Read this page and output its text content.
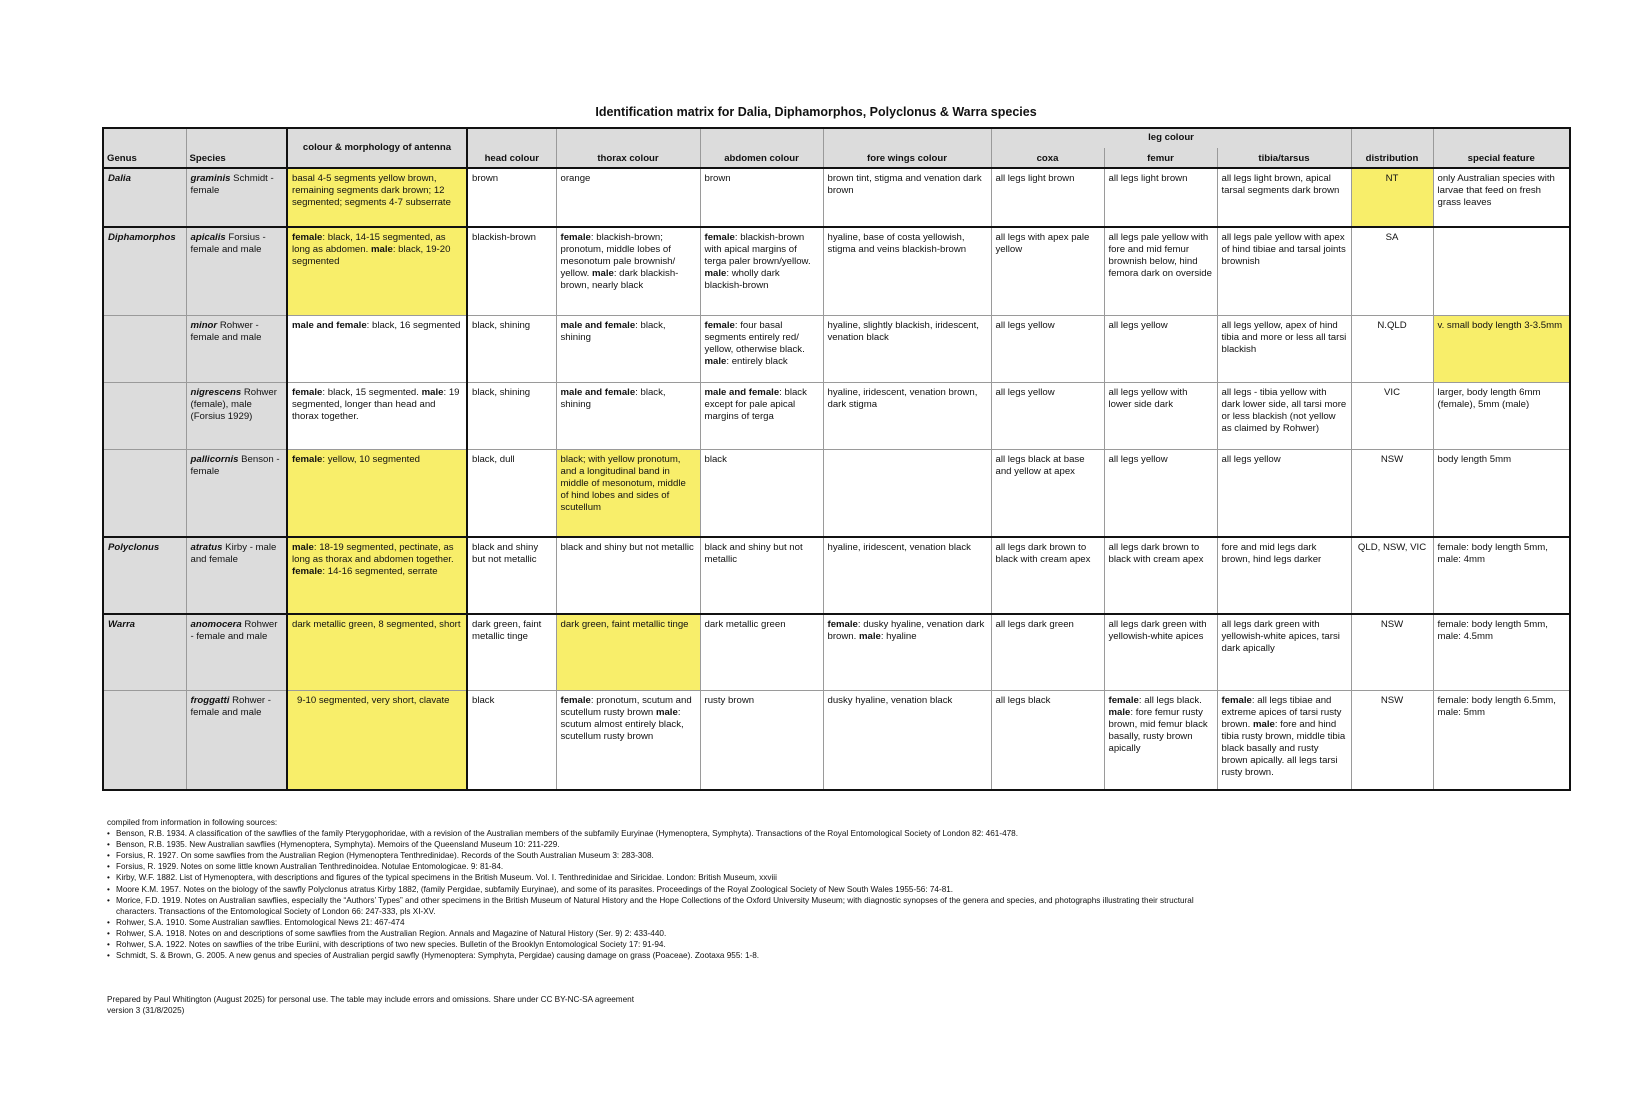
Identification matrix for Dalia, Diphamorphos, Polyclonus & Warra species
Genus	Species	colour & morphology of antenna	head colour	thorax colour	abdomen colour	fore wings colour	leg colour			distribution	special feature
							coxa	femur	tibia/tarsus		
Dalia	graminis Schmidt - female	basal 4-5 segments yellow brown, remaining segments dark brown; 12 segmented; segments 4-7 subserrate	brown	orange	brown	brown tint, stigma and venation dark brown	all legs light brown	all legs light brown	all legs light brown, apical tarsal segments dark brown	NT	only Australian species with larvae that feed on fresh grass leaves
Diphamorphos	apicalis Forsius - female and male	female: black, 14-15 segmented, as long as abdomen. male: black, 19-20 segmented	blackish-brown	female: blackish-brown; pronotum, middle lobes of mesonotum pale brownish/ yellow. male: dark blackish-brown, nearly black	female: blackish-brown with apical margins of terga paler brown/yellow. male: wholly dark blackish-brown	hyaline, base of costa yellowish, stigma and veins blackish-brown	all legs with apex pale yellow	all legs pale yellow with fore and mid femur brownish below, hind femora dark on overside	all legs pale yellow with apex of hind tibiae and tarsal joints brownish	SA	
	minor Rohwer - female and male	male and female: black, 16 segmented	black, shining	male and female: black, shining	female: four basal segments entirely red/ yellow, otherwise black. male: entirely black	hyaline, slightly blackish, iridescent, venation black	all legs yellow	all legs yellow	all legs yellow, apex of hind tibia and more or less all tarsi blackish	N.QLD	v. small body length 3-3.5mm
	nigrescens Rohwer (female), male (Forsius 1929)	female: black, 15 segmented. male: 19 segmented, longer than head and thorax together.	black, shining	male and female: black, shining	male and female: black except for pale apical margins of terga	hyaline, iridescent, venation brown, dark stigma	all legs yellow	all legs yellow with lower side dark	all legs - tibia yellow with dark lower side, all tarsi more or less blackish (not yellow as claimed by Rohwer)	VIC	larger, body length 6mm (female), 5mm (male)
	pallicornis Benson - female	female: yellow, 10 segmented	black, dull	black; with yellow pronotum, and a longitudinal band in middle of mesonotum, middle of hind lobes and sides of scutellum	black		all legs black at base and yellow at apex	all legs yellow	all legs yellow	NSW	body length 5mm
Polyclonus	atratus Kirby - male and female	male: 18-19 segmented, pectinate, as long as thorax and abdomen together. female: 14-16 segmented, serrate	black and shiny but not metallic	black and shiny but not metallic	black and shiny but not metallic	hyaline, iridescent, venation black	all legs dark brown to black with cream apex	all legs dark brown to black with cream apex	fore and mid legs dark brown, hind legs darker	QLD, NSW, VIC	female: body length 5mm, male: 4mm
Warra	anomocera Rohwer - female and male	dark metallic green, 8 segmented, short	dark green, faint metallic tinge	dark green, faint metallic tinge	dark metallic green	female: dusky hyaline, venation dark brown. male: hyaline	all legs dark green	all legs dark green with yellowish-white apices	all legs dark green with yellowish-white apices, tarsi dark apically	NSW	female: body length 5mm, male: 4.5mm
	froggatti Rohwer - female and male	9-10 segmented, very short, clavate	black	female: pronotum, scutum and scutellum rusty brown male: scutum almost entirely black, scutellum rusty brown	rusty brown	dusky hyaline, venation black	all legs black	female: all legs black. male: fore femur rusty brown, mid femur black basally, rusty brown apically	female: all legs tibiae and extreme apices of tarsi rusty brown. male: fore and hind tibia rusty brown, middle tibia black basally and rusty brown apically. all legs tarsi rusty brown.	NSW	female: body length 6.5mm, male: 5mm
compiled from information in following sources:
• Benson, R.B. 1934. A classification of the sawflies of the family Pterygophoridae, with a revision of the Australian members of the subfamily Euryinae (Hymenoptera, Symphyta). Transactions of the Royal Entomological Society of London 82: 461-478.
• Benson, R.B. 1935. New Australian sawflies (Hymenoptera, Symphyta). Memoirs of the Queensland Museum 10: 211-229.
• Forsius, R. 1927. On some sawflies from the Australian Region (Hymenoptera Tenthredinidae). Records of the South Australian Museum 3: 283-308.
• Forsius, R. 1929. Notes on some little known Australian Tenthredinoidea. Notulae Entomologicae. 9: 81-84.
• Kirby, W.F. 1882. List of Hymenoptera, with descriptions and figures of the typical specimens in the British Museum. Vol. I. Tenthredinidae and Siricidae. London: British Museum, xxviii
• Moore K.M. 1957. Notes on the biology of the sawfly Polyclonus atratus Kirby 1882, (family Pergidae, subfamily Euryinae), and some of its parasites. Proceedings of the Royal Zoological Society of New South Wales 1955-56: 74-81.
• Morice, F.D. 1919. Notes on Australian sawflies, especially the “Authors’ Types” and other specimens in the British Museum of Natural History and the Hope Collections of the Oxford University Museum; with diagnostic synopses of the genera and species, and photographs illustrating their structural characters. Transactions of the Entomological Society of London 66: 247-333, pls XI-XV.
• Rohwer, S.A. 1910. Some Australian sawflies. Entomological News 21: 467-474
• Rohwer, S.A. 1918. Notes on and descriptions of some sawflies from the Australian Region. Annals and Magazine of Natural History (Ser. 9) 2: 433-440.
• Rohwer, S.A. 1922. Notes on sawflies of the tribe Euriini, with descriptions of two new species. Bulletin of the Brooklyn Entomological Society 17: 91-94.
• Schmidt, S. & Brown, G. 2005. A new genus and species of Australian pergid sawfly (Hymenoptera: Symphyta, Pergidae) causing damage on grass (Poaceae). Zootaxa 955: 1-8.
Prepared by Paul Whitington (August 2025) for personal use. The table may include errors and omissions. Share under CC BY-NC-SA agreement
version 3 (31/8/2025)
